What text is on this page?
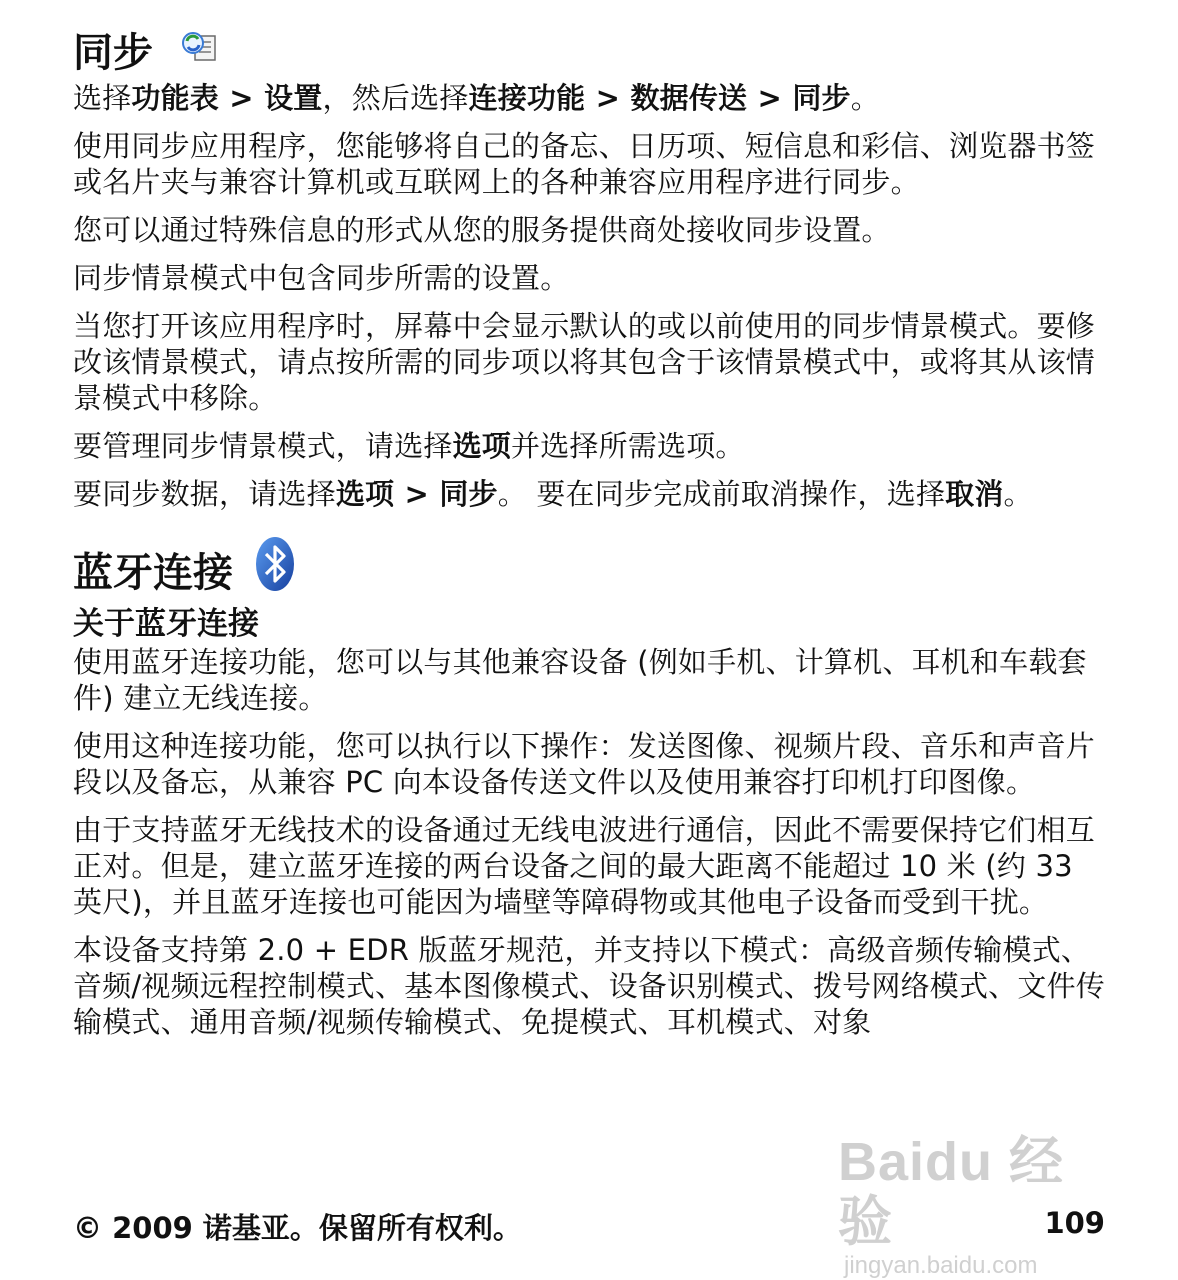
同步

选择功能表 > 设置，然后选择连接功能 > 数据传送 > 同步。

使用同步应用程序，您能够将自己的备忘、日历项、短信息和彩信、浏览器书签或名片夹与兼容计算机或互联网上的各种兼容应用程序进行同步。

您可以通过特殊信息的形式从您的服务提供商处接收同步设置。

同步情景模式中包含同步所需的设置。

当您打开该应用程序时，屏幕中会显示默认的或以前使用的同步情景模式。要修改该情景模式，请点按所需的同步项以将其包含于该情景模式中，或将其从该情景模式中移除。

要管理同步情景模式，请选择选项并选择所需选项。

要同步数据，请选择选项 > 同步。 要在同步完成前取消操作，选择取消。

蓝牙连接
关于蓝牙连接

使用蓝牙连接功能，您可以与其他兼容设备 (例如手机、计算机、耳机和车载套件) 建立无线连接。

使用这种连接功能，您可以执行以下操作：发送图像、视频片段、音乐和声音片段以及备忘，从兼容 PC 向本设备传送文件以及使用兼容打印机打印图像。

由于支持蓝牙无线技术的设备通过无线电波进行通信，因此不需要保持它们相互正对。但是，建立蓝牙连接的两台设备之间的最大距离不能超过 10 米 (约 33 英尺)，并且蓝牙连接也可能因为墙壁等障碍物或其他电子设备而受到干扰。

本设备支持第 2.0 + EDR 版蓝牙规范，并支持以下模式：高级音频传输模式、音频/视频远程控制模式、基本图像模式、设备识别模式、拨号网络模式、文件传输模式、通用音频/视频传输模式、免提模式、耳机模式、对象

Baidu 经验
jingyan.baidu.com
© 2009 诺基亚。保留所有权利。	109
